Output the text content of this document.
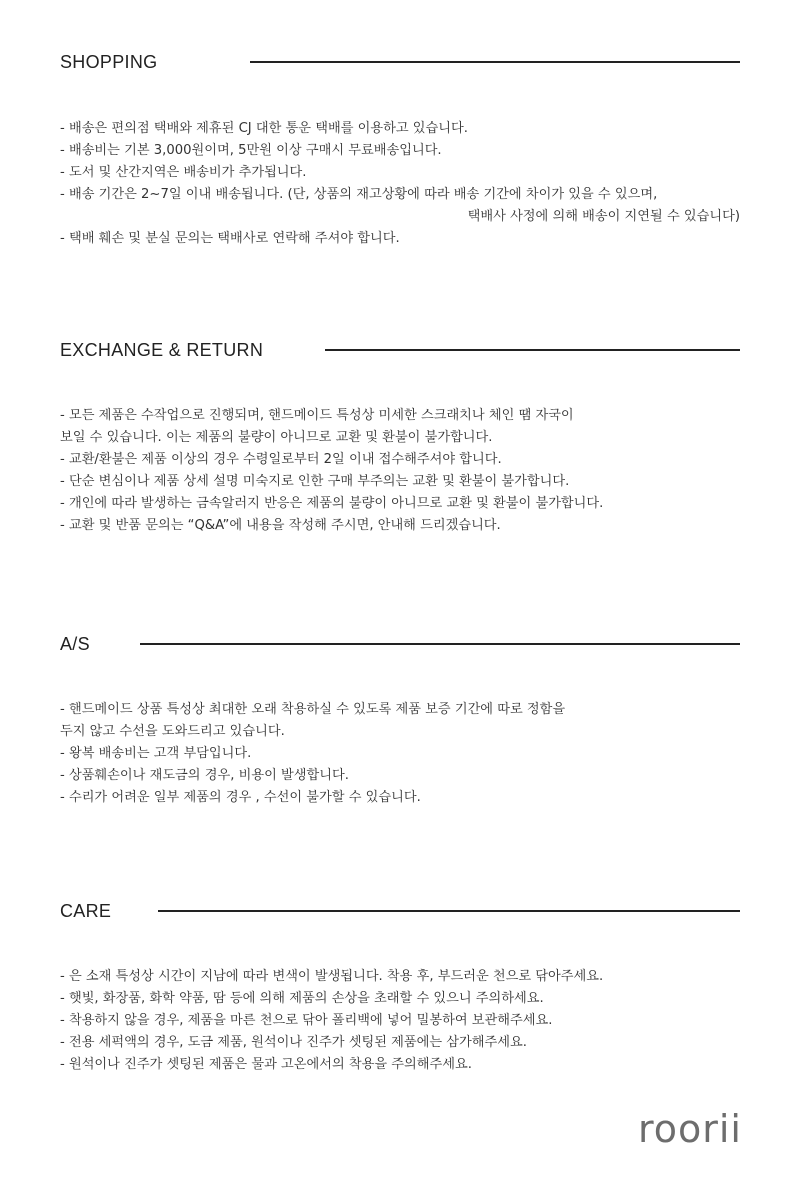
SHOPPING
- 배송은 편의점 택배와 제휴된 CJ 대한 통운 택배를 이용하고 있습니다.
- 배송비는 기본 3,000원이며, 5만원 이상 구매시 무료배송입니다.
- 도서 및 산간지역은 배송비가 추가됩니다.
- 배송 기간은 2~7일 이내 배송됩니다. (단, 상품의 재고상황에 따라 배송 기간에 차이가 있을 수 있으며,
택배사 사정에 의해 배송이 지연될 수 있습니다)
- 택배 훼손 및 분실 문의는 택배사로 연락해 주셔야 합니다.
EXCHANGE & RETURN
- 모든 제품은 수작업으로 진행되며, 핸드메이드 특성상 미세한 스크래치나 체인 땜 자국이
보일 수 있습니다. 이는 제품의 불량이 아니므로 교환 및 환불이 불가합니다.
- 교환/환불은 제품 이상의 경우 수령일로부터 2일 이내 접수해주셔야 합니다.
- 단순 변심이나 제품 상세 설명 미숙지로 인한 구매 부주의는 교환 및 환불이 불가합니다.
- 개인에 따라 발생하는 금속알러지 반응은 제품의 불량이 아니므로 교환 및 환불이 불가합니다.
- 교환 및 반품 문의는 “Q&A”에 내용을 작성해 주시면, 안내해 드리겠습니다.
A/S
- 핸드메이드 상품 특성상 최대한 오래 착용하실 수 있도록 제품 보증 기간에 따로 정함을
두지 않고 수선을 도와드리고 있습니다.
- 왕복 배송비는 고객 부담입니다.
- 상품훼손이나 재도금의 경우, 비용이 발생합니다.
- 수리가 어려운 일부 제품의 경우 , 수선이 불가할 수 있습니다.
CARE
- 은 소재 특성상 시간이 지남에 따라 변색이 발생됩니다. 착용 후, 부드러운 천으로 닦아주세요.
- 햇빛, 화장품, 화학 약품, 땀 등에 의해 제품의 손상을 초래할 수 있으니 주의하세요.
- 착용하지 않을 경우, 제품을 마른 천으로 닦아 폴리백에 넣어 밀봉하여 보관해주세요.
- 전용 세퍽액의 경우, 도금 제품, 원석이나 진주가 셋팅된 제품에는 삼가해주세요.
- 원석이나 진주가 셋팅된 제품은 물과 고온에서의 착용을 주의해주세요.
roorii
